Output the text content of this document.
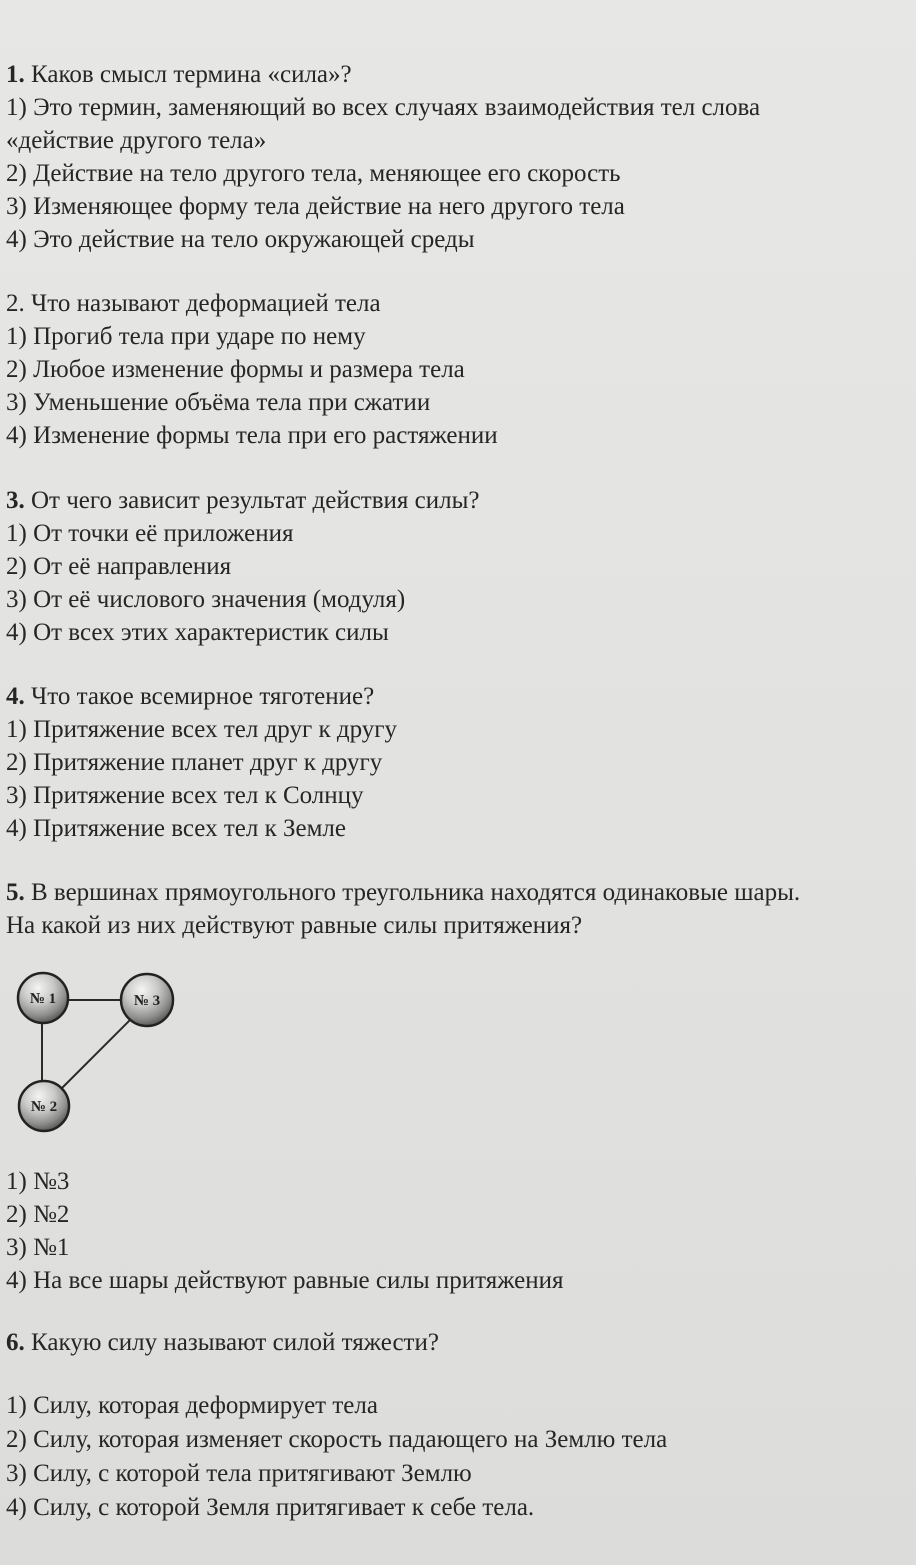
1. Каков смысл термина «сила»?
1) Это термин, заменяющий во всех случаях взаимодействия тел слова
«действие другого тела»
2) Действие на тело другого тела, меняющее его скорость
3) Изменяющее форму тела действие на него другого тела
4) Это действие на тело окружающей среды
2. Что называют деформацией тела
1) Прогиб тела при ударе по нему
2) Любое изменение формы и размера тела
3) Уменьшение объёма тела при сжатии
4) Изменение формы тела при его растяжении
3. От чего зависит результат действия силы?
1) От точки её приложения
2) От её направления
3) От её числового значения (модуля)
4) От всех этих характеристик силы
4. Что такое всемирное тяготение?
1) Притяжение всех тел друг к другу
2) Притяжение планет друг к другу
3) Притяжение всех тел к Солнцу
4) Притяжение всех тел к Земле
5. В вершинах прямоугольного треугольника находятся одинаковые шары.
На какой из них действуют равные силы притяжения?
№ 1	№ 3
№ 2
1) №3
2) №2
3) №1
4) На все шары действуют равные силы притяжения
6. Какую силу называют силой тяжести?
1) Силу, которая деформирует тела
2) Силу, которая изменяет скорость падающего на Землю тела
3) Силу, с которой тела притягивают Землю
4) Силу, с которой Земля притягивает к себе тела.
